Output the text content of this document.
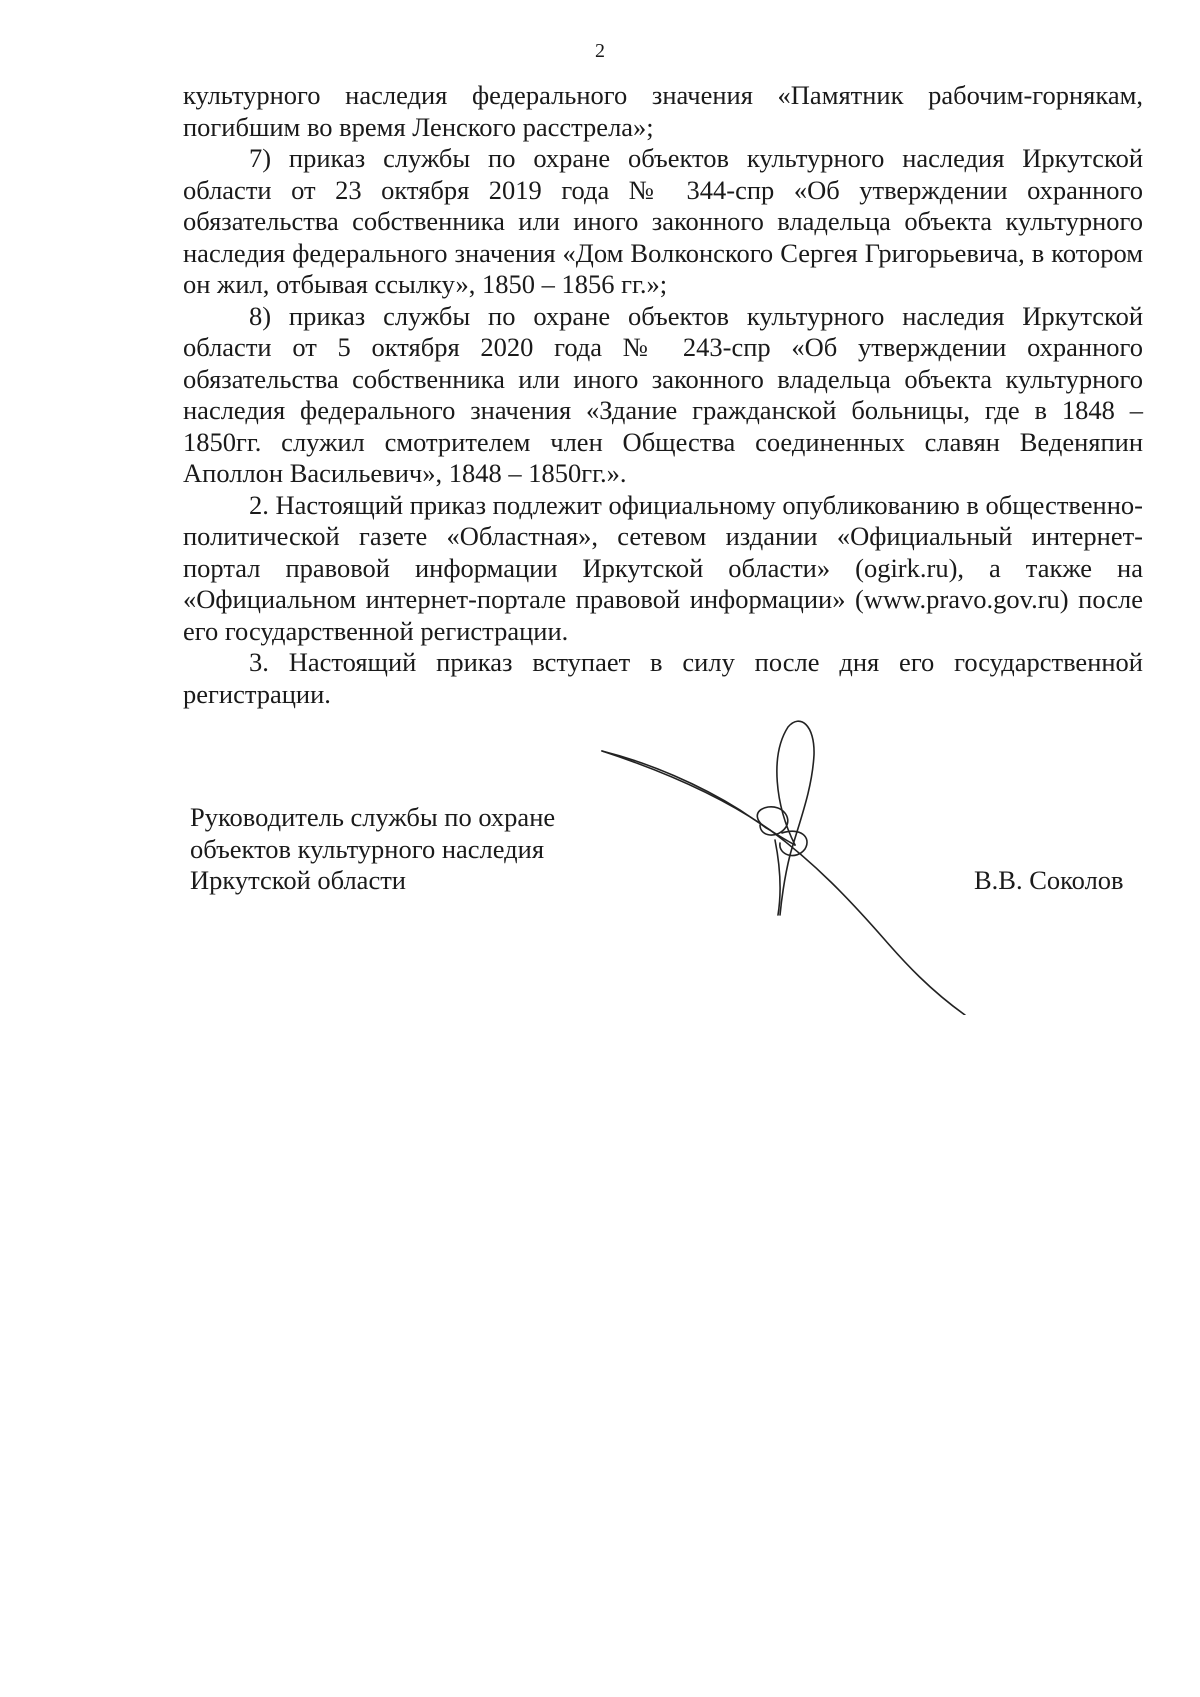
2

культурного наследия федерального значения «Памятник рабочим-горнякам, погибшим во время Ленского расстрела»;

7) приказ службы по охране объектов культурного наследия Иркутской области от 23 октября 2019 года № 344-спр «Об утверждении охранного обязательства собственника или иного законного владельца объекта культурного наследия федерального значения «Дом Волконского Сергея Григорьевича, в котором он жил, отбывая ссылку», 1850 – 1856 гг.»;

8) приказ службы по охране объектов культурного наследия Иркутской области от 5 октября 2020 года № 243-спр «Об утверждении охранного обязательства собственника или иного законного владельца объекта культурного наследия федерального значения «Здание гражданской больницы, где в 1848 – 1850гг. служил смотрителем член Общества соединенных славян Веденяпин Аполлон Васильевич», 1848 – 1850гг.».

2. Настоящий приказ подлежит официальному опубликованию в общественно-политической газете «Областная», сетевом издании «Официальный интернет-портал правовой информации Иркутской области» (ogirk.ru), а также на «Официальном интернет-портале правовой информации» (www.pravo.gov.ru) после его государственной регистрации.

3. Настоящий приказ вступает в силу после дня его государственной регистрации.

Руководитель службы по охране
объектов культурного наследия
Иркутской области	В.В. Соколов
